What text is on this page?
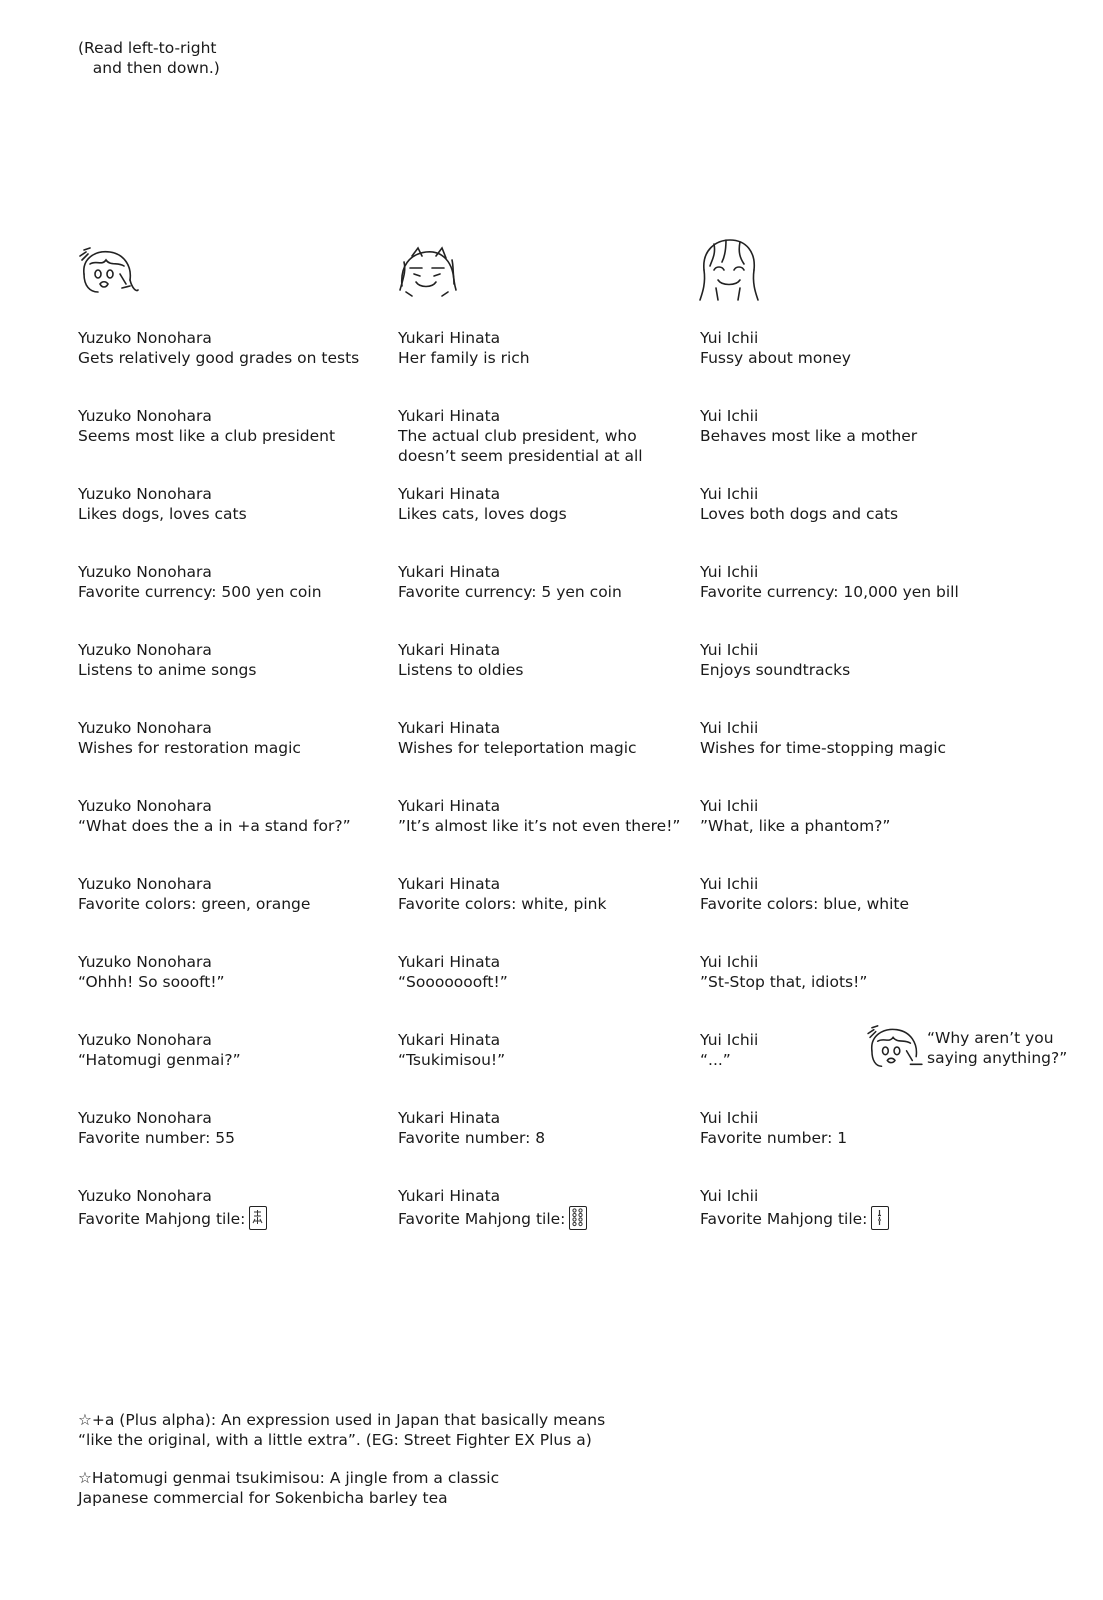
(Read left-to-right
and then down.)
Yuzuko Nonohara
Gets relatively good grades on tests
Yukari Hinata
Her family is rich
Yui Ichii
Fussy about money
Yuzuko Nonohara
Seems most like a club president
Yukari Hinata
The actual club president, who doesn’t seem presidential at all
Yui Ichii
Behaves most like a mother
Yuzuko Nonohara
Likes dogs, loves cats
Yukari Hinata
Likes cats, loves dogs
Yui Ichii
Loves both dogs and cats
Yuzuko Nonohara
Favorite currency: 500 yen coin
Yukari Hinata
Favorite currency: 5 yen coin
Yui Ichii
Favorite currency: 10,000 yen bill
Yuzuko Nonohara
Listens to anime songs
Yukari Hinata
Listens to oldies
Yui Ichii
Enjoys soundtracks
Yuzuko Nonohara
Wishes for restoration magic
Yukari Hinata
Wishes for teleportation magic
Yui Ichii
Wishes for time-stopping magic
Yuzuko Nonohara
“What does the a in +a stand for?”
Yukari Hinata
”It’s almost like it’s not even there!”
Yui Ichii
”What, like a phantom?”
Yuzuko Nonohara
Favorite colors: green, orange
Yukari Hinata
Favorite colors: white, pink
Yui Ichii
Favorite colors: blue, white
Yuzuko Nonohara
“Ohhh! So soooft!”
Yukari Hinata
“Soooooooft!”
Yui Ichii
”St-Stop that, idiots!”
Yuzuko Nonohara
“Hatomugi genmai?”
Yukari Hinata
“Tsukimisou!”
Yui Ichii
“...”
Yuzuko Nonohara
Favorite number: 55
Yukari Hinata
Favorite number: 8
Yui Ichii
Favorite number: 1
Yuzuko Nonohara
Favorite Mahjong tile:
Yukari Hinata
Favorite Mahjong tile:
Yui Ichii
Favorite Mahjong tile:
“Why aren’t you saying anything?”
☆+a (Plus alpha): An expression used in Japan that basically means
“like the original, with a little extra”. (EG: Street Fighter EX Plus a)
☆Hatomugi genmai tsukimisou: A jingle from a classic
Japanese commercial for Sokenbicha barley tea
